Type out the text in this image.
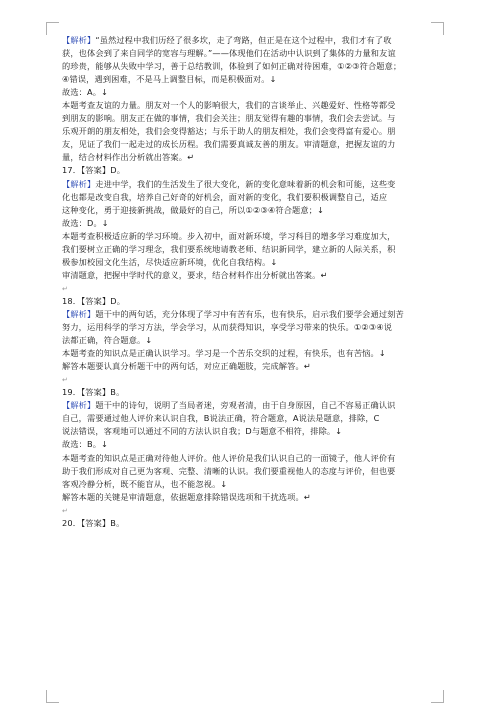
【解析】“虽然过程中我们历经了很多坎，走了弯路，但正是在这个过程中，我们才有了收
获，也体会到了来自同学的宽容与理解。”——体现他们在活动中认识到了集体的力量和友谊
的珍贵，能够从失败中学习，善于总结教训，体验到了如何正确对待困难，①②③符合题意；
④错误，遇到困难，不是马上调整目标，而是积极面对。↓
故选：A。↓
本题考查友谊的力量。朋友对一个人的影响很大，我们的言谈举止、兴趣爱好、性格等都受
到朋友的影响。朋友正在做的事情，我们会关注；朋友觉得有趣的事情，我们会去尝试。与
乐观开朗的朋友相处，我们会变得豁达；与乐于助人的朋友相处，我们会变得富有爱心。朋
友，见证了我们一起走过的成长历程。我们需要真诚友善的朋友。审清题意，把握友谊的力
量，结合材料作出分析就出答案。↵
17．【答案】D。
【解析】走进中学，我们的生活发生了很大变化，新的变化意味着新的机会和可能，这些变
化也都是改变自我，培养自己好奇的好机会，面对新的变化，我们要积极调整自己，适应
这种变化，勇于迎接新挑战，做最好的自己，所以①②③④符合题意；↓
故选：D。↓
本题考查积极适应新的学习环境。步入初中，面对新环境，学习科目的增多学习难度加大，
我们要树立正确的学习理念，我们要系统地请教老师、结识新同学，建立新的人际关系，积
极参加校园文化生活，尽快适应新环境，优化自我结构。↓
审清题意，把握中学时代的意义，要求，结合材料作出分析就出答案。↵
↵
18．【答案】D。
【解析】题干中的两句话，充分体现了学习中有苦有乐，也有快乐，启示我们要学会通过刻苦
努力，运用科学的学习方法，学会学习，从而获得知识，享受学习带来的快乐。①②③④说
法都正确，符合题意。↓
本题考查的知识点是正确认识学习。学习是一个苦乐交织的过程，有快乐，也有苦恼。↓
解答本题要认真分析题干中的两句话，对应正确题肢，完成解答。↵
↵
19．【答案】B。
【解析】题干中的诗句，说明了当局者迷，旁观者清，由于自身原因，自己不容易正确认识
自己，需要通过他人评价来认识自我，B说法正确，符合题意，A说法是题意，排除，C
说法错误，客观地可以通过不同的方法认识自我；D与题意不相符，排除。↓
故选：B。↓
本题考查的知识点是正确对待他人评价。他人评价是我们认识自己的一面镜子，他人评价有
助于我们形成对自己更为客观、完整、清晰的认识。我们要重视他人的态度与评价，但也要
客观冷静分析，既不能盲从，也不能忽视。↓
解答本题的关键是审清题意，依据题意排除错误选项和干扰选项。↵
↵
20．【答案】B。
